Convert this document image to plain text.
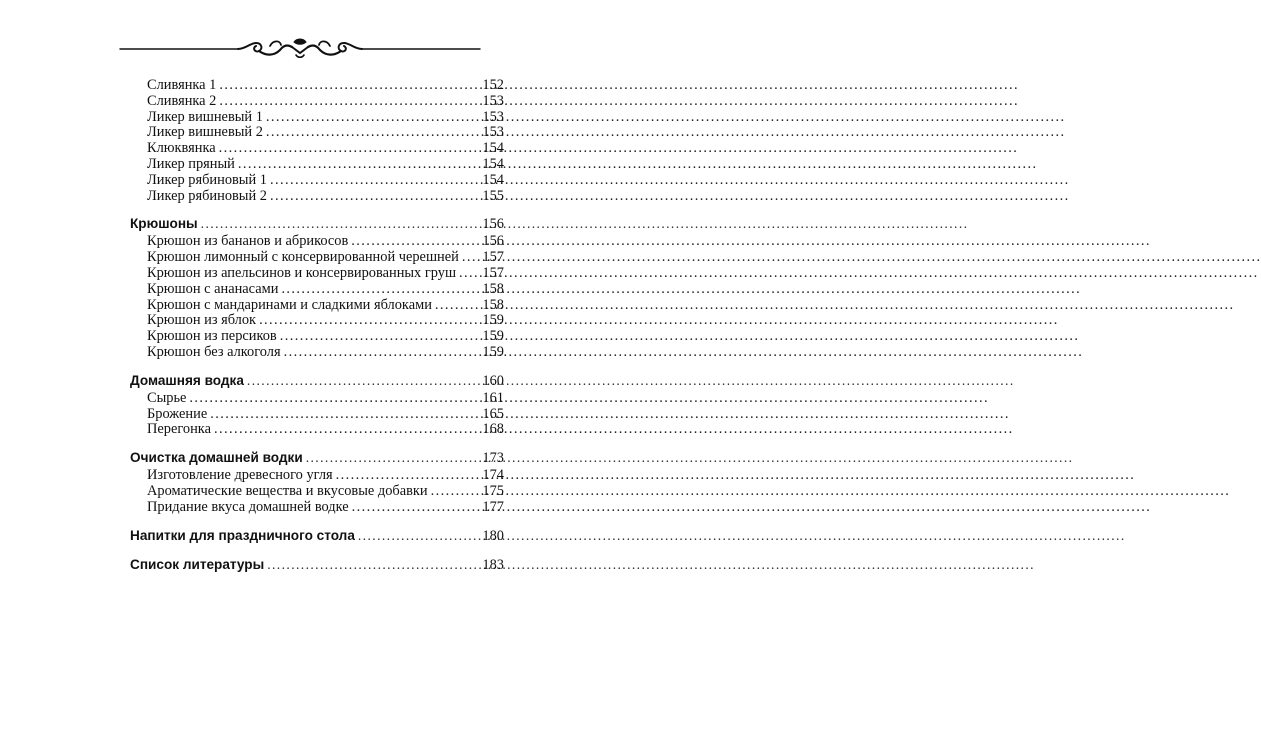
Сливянка 1 .....	152
Сливянка 2 .....	153
Ликер вишневый 1 .....	153
Ликер вишневый 2 .....	153
Клюквянка .....	154
Ликер пряный .....	154
Ликер рябиновый 1 .....	154
Ликер рябиновый 2 .....	155
Крюшоны .....	156
Крюшон из бананов и абрикосов .....	156
Крюшон лимонный с консервированной черешней ..... 157
Крюшон из апельсинов и консервированных груш ..... 157
Крюшон с ананасами .....	158
Крюшон с мандаринами и сладкими яблоками .....	158
Крюшон из яблок .....	159
Крюшон из персиков .....	159
Крюшон без алкоголя .....	159
Домашняя водка .....	160
Сырье .....	161
Брожение .....	165
Перегонка .....	168
Очистка домашней водки .....	173
Изготовление древесного угля .....	174
Ароматические вещества и вкусовые добавки .....	175
Придание вкуса домашней водке .....	177
Напитки для праздничного стола .....	180
Список литературы .....	183
